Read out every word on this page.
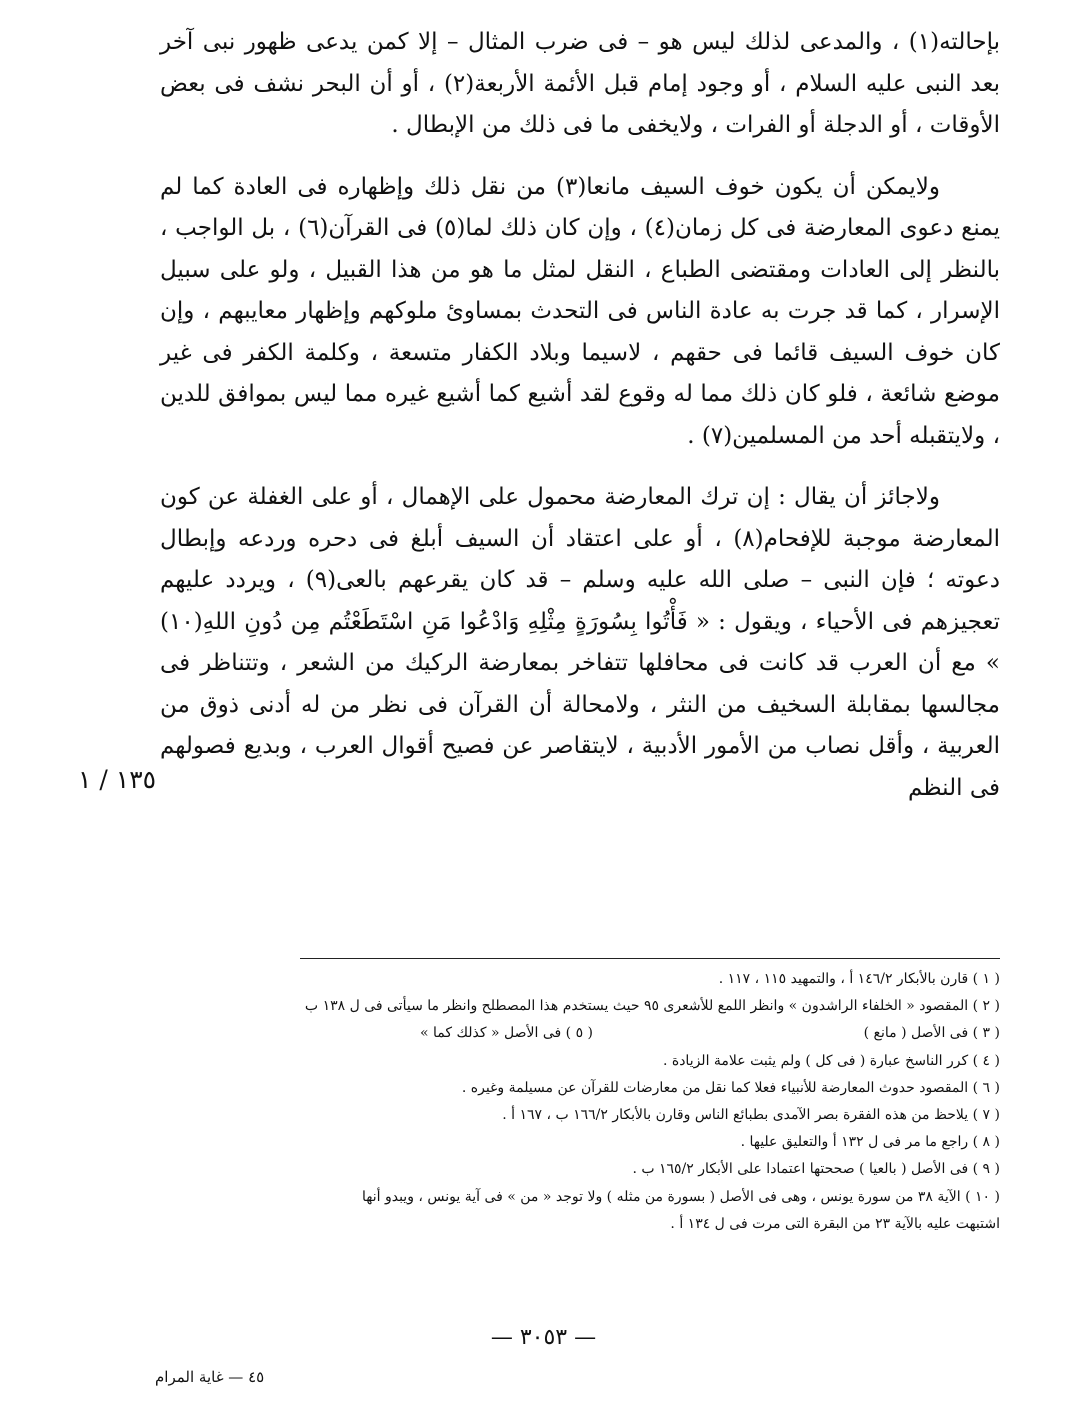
بإحالته(١) ، والمدعى لذلك ليس هو – فى ضرب المثال – إلا كمن يدعى ظهور نبى آخر بعد النبى عليه السلام ، أو وجود إمام قبل الأئمة الأربعة(٢) ، أو أن البحر نشف فى بعض الأوقات ، أو الدجلة أو الفرات ، ولايخفى ما فى ذلك من الإبطال .

ولايمكن أن يكون خوف السيف مانعا(٣) من نقل ذلك وإظهاره فى العادة كما لم يمنع دعوى المعارضة فى كل زمان(٤) ، وإن كان ذلك لما(٥) فى القرآن(٦) ، بل الواجب ، بالنظر إلى العادات ومقتضى الطباع ، النقل لمثل ما هو من هذا القبيل ، ولو على سبيل الإسرار ، كما قد جرت به عادة الناس فى التحدث بمساوئ ملوكهم وإظهار معايبهم ، وإن كان خوف السيف قائما فى حقهم ، لاسيما وبلاد الكفار متسعة ، وكلمة الكفر فى غير موضع شائعة ، فلو كان ذلك مما له وقوع لقد أشيع كما أشيع غيره مما ليس بموافق للدين ، ولايتقبله أحد من المسلمين(٧) .

ولاجائز أن يقال : إن ترك المعارضة محمول على الإهمال ، أو على الغفلة عن كون المعارضة موجبة للإفحام(٨) ، أو على اعتقاد أن السيف أبلغ فى دحره وردعه وإبطال دعوته ؛ فإن النبى – صلى الله عليه وسلم – قد كان يقرعهم بالعى(٩) ، ويردد عليهم تعجيزهم فى الأحياء ، ويقول : « فَأْتُوا بِسُورَةٍ مِثْلِهِ وَادْعُوا مَنِ اسْتَطَعْتُم مِن دُونِ اللهِ(١٠) » مع أن العرب قد كانت فى محافلها تتفاخر بمعارضة الركيك من الشعر ، وتتناظر فى مجالسها بمقابلة السخيف من النثر ، ولامحالة أن القرآن فى نظر من له أدنى ذوق من العربية ، وأقل نصاب من الأمور الأدبية ، لايتقاصر عن فصيح أقوال العرب ، وبديع فصولهم فى النظم

١٣٥ / ١
( ١ ) قارن بالأبكار ١٤٦/٢ أ ، والتمهيد ١١٥ ، ١١٧ .
( ٢ ) المقصود « الخلفاء الراشدون » وانظر اللمع للأشعرى ٩٥ حيث يستخدم هذا المصطلح وانظر ما سيأتى فى ل ١٣٨ ب
( ٣ ) فى الأصل ( مانع )
( ٥ ) فى الأصل « كذلك كما »
( ٤ ) كرر الناسخ عبارة ( فى كل ) ولم يثبت علامة الزيادة .
( ٦ ) المقصود حدوث المعارضة للأنبياء فعلا كما نقل من معارضات للقرآن عن مسيلمة وغيره .
( ٧ ) يلاحظ من هذه الفقرة بصر الآمدى بطبائع الناس وقارن بالأبكار ١٦٦/٢ ب ، ١٦٧ أ .
( ٨ ) راجع ما مر فى ل ١٣٢ أ والتعليق عليها .
( ٩ ) فى الأصل ( بالعيا ) صححتها اعتمادا على الأبكار ١٦٥/٢ ب .
( ١٠ ) الآية ٣٨ من سورة يونس ، وهى فى الأصل ( بسورة من مثله ) ولا توجد « من » فى آية يونس ، ويبدو أنها
اشتبهت عليه بالآية ٢٣ من البقرة التى مرت فى ل ١٣٤ أ .
— ٣٠٥٣ —
٤٥ — غاية المرام
